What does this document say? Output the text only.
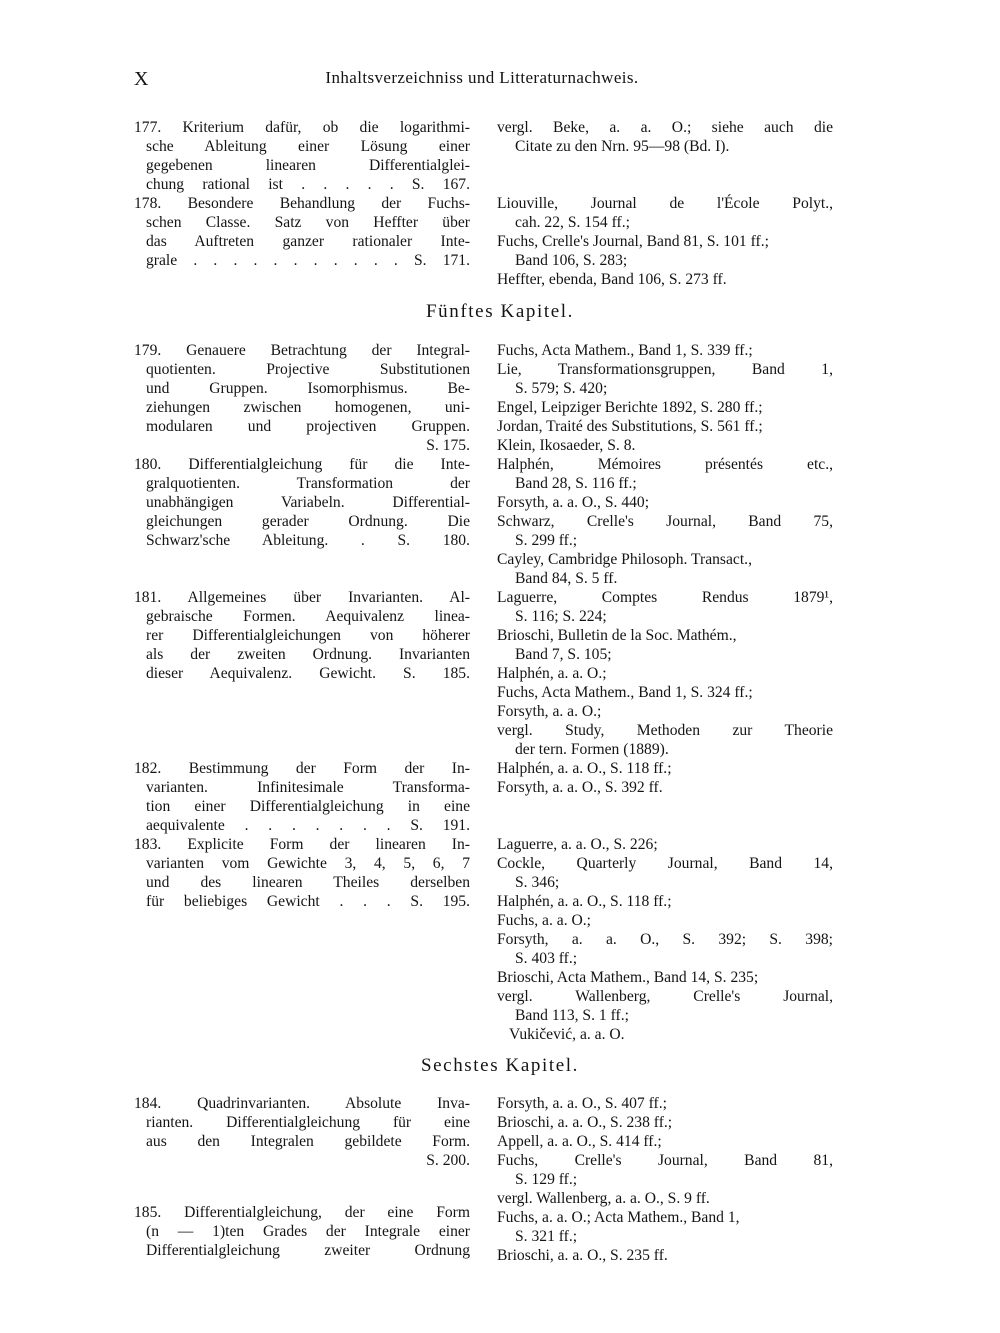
X	Inhaltsverzeichniss und Litteraturnachweis.
177. Kriterium dafür, ob die logarithmi-
sche Ableitung einer Lösung einer
gegebenen linearen Differentialglei-
chung rational ist . . . . . S. 167.
178. Besondere Behandlung der Fuchs-
schen Classe. Satz von Heffter über
das Auftreten ganzer rationaler Inte-
grale . . . . . . . . . . . S. 171.
vergl. Beke, a. a. O.; siehe auch die
Citate zu den Nrn. 95—98 (Bd. I).
Liouville, Journal de l'École Polyt.,
cah. 22, S. 154 ff.;
Fuchs, Crelle's Journal, Band 81, S. 101 ff.;
Band 106, S. 283;
Heffter, ebenda, Band 106, S. 273 ff.
Fünftes Kapitel.
179. Genauere Betrachtung der Integral-
quotienten. Projective Substitutionen
und Gruppen. Isomorphismus. Be-
ziehungen zwischen homogenen, uni-
modularen und projectiven Gruppen.
S. 175.
180. Differentialgleichung für die Inte-
gralquotienten. Transformation der
unabhängigen Variabeln. Differential-
gleichungen gerader Ordnung. Die
Schwarz'sche Ableitung. . S. 180.
181. Allgemeines über Invarianten. Al-
gebraische Formen. Aequivalenz linea-
rer Differentialgleichungen von höherer
als der zweiten Ordnung. Invarianten
dieser Aequivalenz. Gewicht. S. 185.
182. Bestimmung der Form der In-
varianten. Infinitesimale Transforma-
tion einer Differentialgleichung in eine
aequivalente . . . . . . . S. 191.
183. Explicite Form der linearen In-
varianten vom Gewichte 3, 4, 5, 6, 7
und des linearen Theiles derselben
für beliebiges Gewicht . . . S. 195.
Fuchs, Acta Mathem., Band 1, S. 339 ff.;
Lie, Transformationsgruppen, Band 1,
S. 579; S. 420;
Engel, Leipziger Berichte 1892, S. 280 ff.;
Jordan, Traité des Substitutions, S. 561 ff.;
Klein, Ikosaeder, S. 8.
Halphén, Mémoires présentés etc.,
Band 28, S. 116 ff.;
Forsyth, a. a. O., S. 440;
Schwarz, Crelle's Journal, Band 75,
S. 299 ff.;
Cayley, Cambridge Philosoph. Transact.,
Band 84, S. 5 ff.
Laguerre, Comptes Rendus 1879¹,
S. 116; S. 224;
Brioschi, Bulletin de la Soc. Mathém.,
Band 7, S. 105;
Halphén, a. a. O.;
Fuchs, Acta Mathem., Band 1, S. 324 ff.;
Forsyth, a. a. O.;
vergl. Study, Methoden zur Theorie
der tern. Formen (1889).
Halphén, a. a. O., S. 118 ff.;
Forsyth, a. a. O., S. 392 ff.
Laguerre, a. a. O., S. 226;
Cockle, Quarterly Journal, Band 14,
S. 346;
Halphén, a. a. O., S. 118 ff.;
Fuchs, a. a. O.;
Forsyth, a. a. O., S. 392; S. 398;
S. 403 ff.;
Brioschi, Acta Mathem., Band 14, S. 235;
vergl. Wallenberg, Crelle's Journal,
Band 113, S. 1 ff.;
Vukičević, a. a. O.
Sechstes Kapitel.
184. Quadrinvarianten. Absolute Inva-
rianten. Differentialgleichung für eine
aus den Integralen gebildete Form.
S. 200.
185. Differentialgleichung, der eine Form
(n — 1)ten Grades der Integrale einer
Differentialgleichung zweiter Ordnung
Forsyth, a. a. O., S. 407 ff.;
Brioschi, a. a. O., S. 238 ff.;
Appell, a. a. O., S. 414 ff.;
Fuchs, Crelle's Journal, Band 81,
S. 129 ff.;
vergl. Wallenberg, a. a. O., S. 9 ff.
Fuchs, a. a. O.; Acta Mathem., Band 1,
S. 321 ff.;
Brioschi, a. a. O., S. 235 ff.
